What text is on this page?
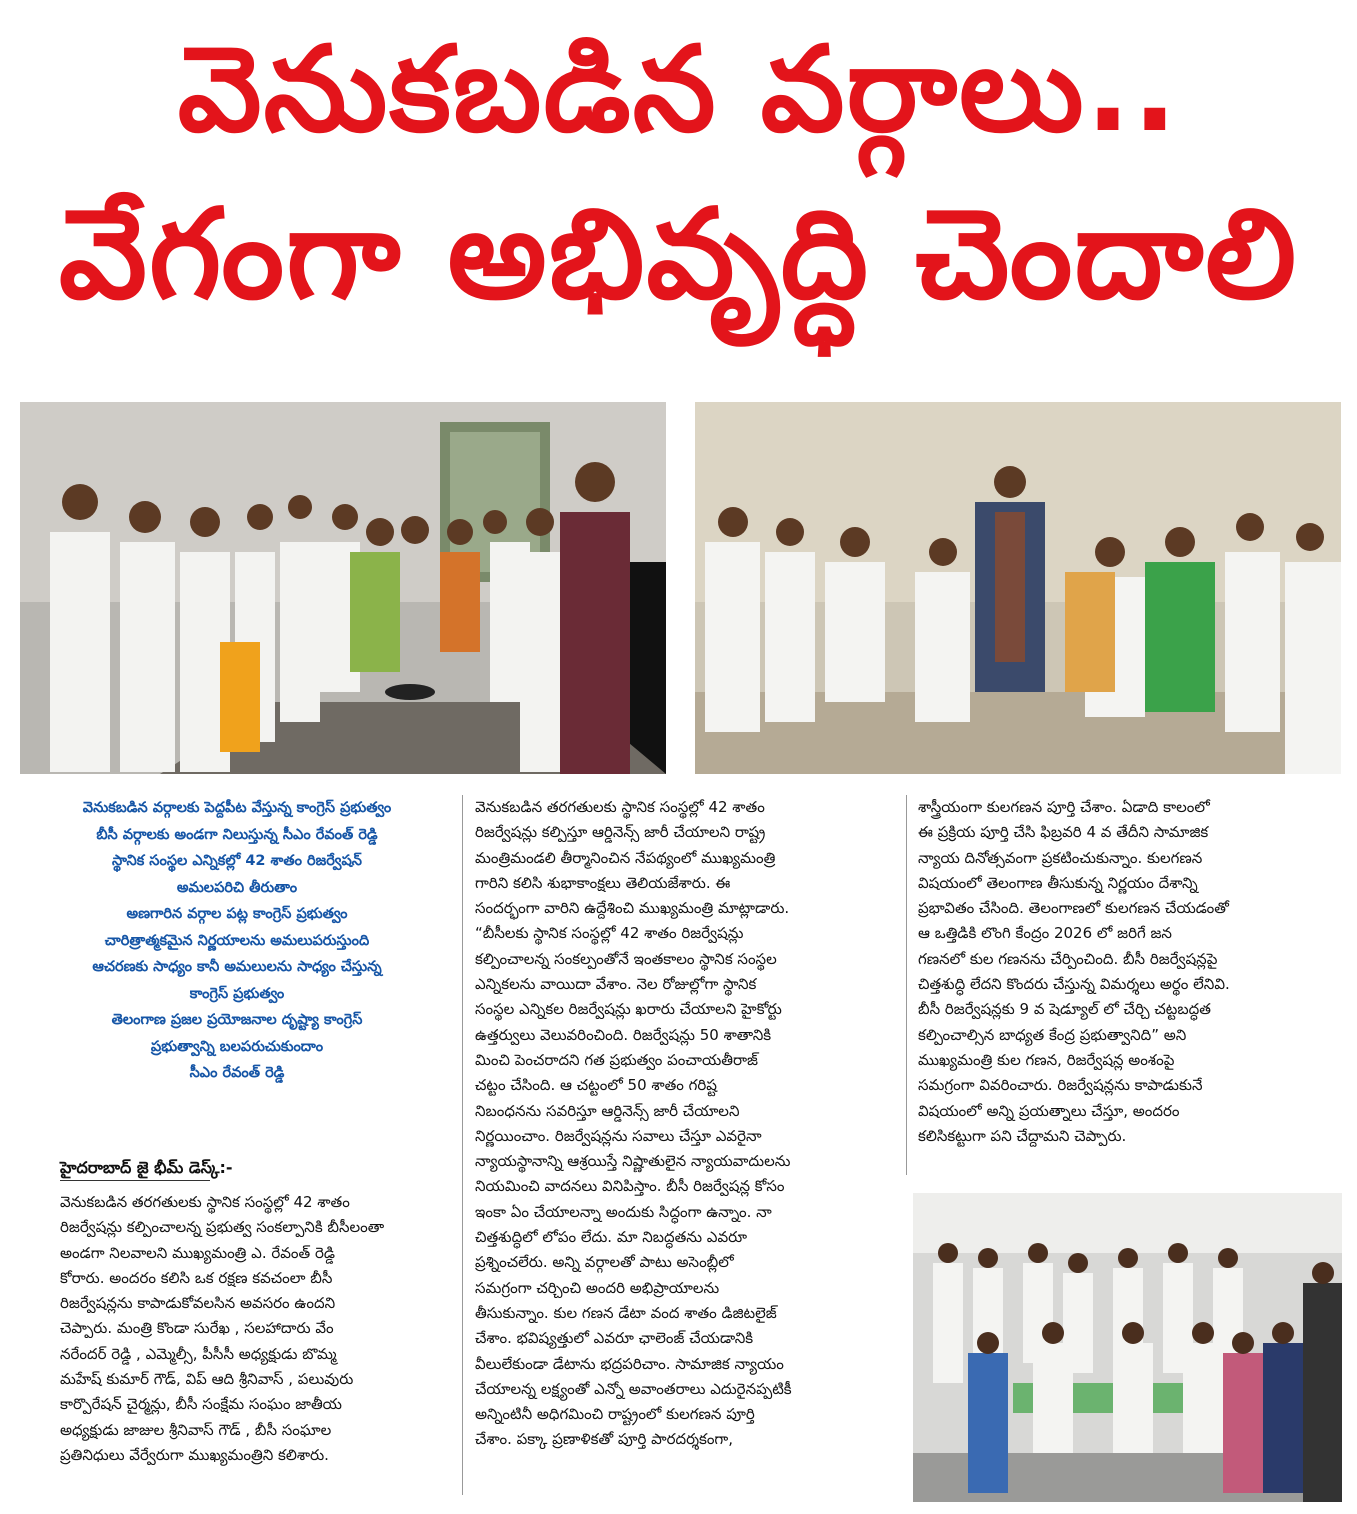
వెనుకబడిన వర్గాలు..
వేగంగా అభివృద్ధి చెందాలి
వెనుకబడిన వర్గాలకు పెద్దపీట వేస్తున్న కాంగ్రెస్ ప్రభుత్వం
బీసీ వర్గాలకు అండగా నిలుస్తున్న సీఎం రేవంత్ రెడ్డి
స్థానిక సంస్థల ఎన్నికల్లో 42 శాతం రిజర్వేషన్
అమలపరిచి తీరుతాం
అణగారిన వర్గాల పట్ల కాంగ్రెస్ ప్రభుత్వం
చారిత్రాత్మకమైన నిర్ణయాలను అమలుపరుస్తుంది
ఆచరణకు సాధ్యం కానీ అమలులను సాధ్యం చేస్తున్న
కాంగ్రెస్ ప్రభుత్వం
తెలంగాణ ప్రజల ప్రయోజనాల దృష్ట్యా కాంగ్రెస్
ప్రభుత్వాన్ని బలపరుచుకుందాం
సీఎం రేవంత్ రెడ్డి
హైదరాబాద్ జై భీమ్ డెస్క్:-
వెనుకబడిన తరగతులకు స్థానిక సంస్థల్లో 42 శాతం
రిజర్వేషన్లు కల్పించాలన్న ప్రభుత్వ సంకల్పానికి బీసీలంతా
అండగా నిలవాలని ముఖ్యమంత్రి ఎ. రేవంత్ రెడ్డి
కోరారు. అందరం కలిసి ఒక రక్షణ కవచంలా బీసీ
రిజర్వేషన్లను కాపాడుకోవలసిన అవసరం ఉందని
చెప్పారు. మంత్రి కొండా సురేఖ , సలహాదారు వేం
నరేందర్ రెడ్డి , ఎమ్మెల్సీ, పీసీసీ అధ్యక్షుడు బొమ్మ
మహేష్ కుమార్ గౌడ్, విప్ ఆది శ్రీనివాస్ , పలువురు
కార్పొరేషన్ చైర్మన్లు, బీసీ సంక్షేమ సంఘం జాతీయ
అధ్యక్షుడు జాజుల శ్రీనివాస్ గౌడ్ , బీసీ సంఘాల
ప్రతినిధులు వేర్వేరుగా ముఖ్యమంత్రిని కలిశారు.
వెనుకబడిన తరగతులకు స్థానిక సంస్థల్లో 42 శాతం
రిజర్వేషన్లు కల్పిస్తూ ఆర్డినెన్స్ జారీ చేయాలని రాష్ట్ర
మంత్రిమండలి తీర్మానించిన నేపథ్యంలో ముఖ్యమంత్రి
గారిని కలిసి శుభాకాంక్షలు తెలియజేశారు. ఈ
సందర్భంగా వారిని ఉద్దేశించి ముఖ్యమంత్రి మాట్లాడారు.
“బీసీలకు స్థానిక సంస్థల్లో 42 శాతం రిజర్వేషన్లు
కల్పించాలన్న సంకల్పంతోనే ఇంతకాలం స్థానిక సంస్థల
ఎన్నికలను వాయిదా వేశాం. నెల రోజుల్లోగా స్థానిక
సంస్థల ఎన్నికల రిజర్వేషన్లు ఖరారు చేయాలని హైకోర్టు
ఉత్తర్వులు వెలువరించింది. రిజర్వేషన్లు 50 శాతానికి
మించి పెంచరాదని గత ప్రభుత్వం పంచాయతీరాజ్
చట్టం చేసింది. ఆ చట్టంలో 50 శాతం గరిష్ట
నిబంధనను సవరిస్తూ ఆర్డినెన్స్ జారీ చేయాలని
నిర్ణయించాం. రిజర్వేషన్లను సవాలు చేస్తూ ఎవరైనా
న్యాయస్థానాన్ని ఆశ్రయిస్తే నిష్ణాతులైన న్యాయవాదులను
నియమించి వాదనలు వినిపిస్తాం. బీసీ రిజర్వేషన్ల కోసం
ఇంకా ఏం చేయాలన్నా అందుకు సిద్ధంగా ఉన్నాం. నా
చిత్తశుద్ధిలో లోపం లేదు. మా నిబద్ధతను ఎవరూ
ప్రశ్నించలేరు. అన్ని వర్గాలతో పాటు అసెంబ్లీలో
సమగ్రంగా చర్చించి అందరి అభిప్రాయాలను
తీసుకున్నాం. కుల గణన డేటా వంద శాతం డిజిటలైజ్
చేశాం. భవిష్యత్తులో ఎవరూ ఛాలెంజ్ చేయడానికి
వీలులేకుండా డేటాను భద్రపరిచాం. సామాజిక న్యాయం
చేయాలన్న లక్ష్యంతో ఎన్నో అవాంతరాలు ఎదురైనప్పటికీ
అన్నింటినీ అధిగమించి రాష్ట్రంలో కులగణన పూర్తి
చేశాం. పక్కా ప్రణాళికతో పూర్తి పారదర్శకంగా,
శాస్త్రీయంగా కులగణన పూర్తి చేశాం. ఏడాది కాలంలో
ఈ ప్రక్రియ పూర్తి చేసి ఫిబ్రవరి 4 వ తేదీని సామాజిక
న్యాయ దినోత్సవంగా ప్రకటించుకున్నాం. కులగణన
విషయంలో తెలంగాణ తీసుకున్న నిర్ణయం దేశాన్ని
ప్రభావితం చేసింది. తెలంగాణలో కులగణన చేయడంతో
ఆ ఒత్తిడికి లొంగి కేంద్రం 2026 లో జరిగే జన
గణనలో కుల గణనను చేర్పించింది. బీసీ రిజర్వేషన్లపై
చిత్తశుద్ధి లేదని కొందరు చేస్తున్న విమర్శలు అర్థం లేనివి.
బీసీ రిజర్వేషన్లకు 9 వ షెడ్యూల్ లో చేర్చి చట్టబద్ధత
కల్పించాల్సిన బాధ్యత కేంద్ర ప్రభుత్వానిది” అని
ముఖ్యమంత్రి కుల గణన, రిజర్వేషన్ల అంశంపై
సమగ్రంగా వివరించారు. రిజర్వేషన్లను కాపాడుకునే
విషయంలో అన్ని ప్రయత్నాలు చేస్తూ, అందరం
కలిసికట్టుగా పని చేద్దామని చెప్పారు.
